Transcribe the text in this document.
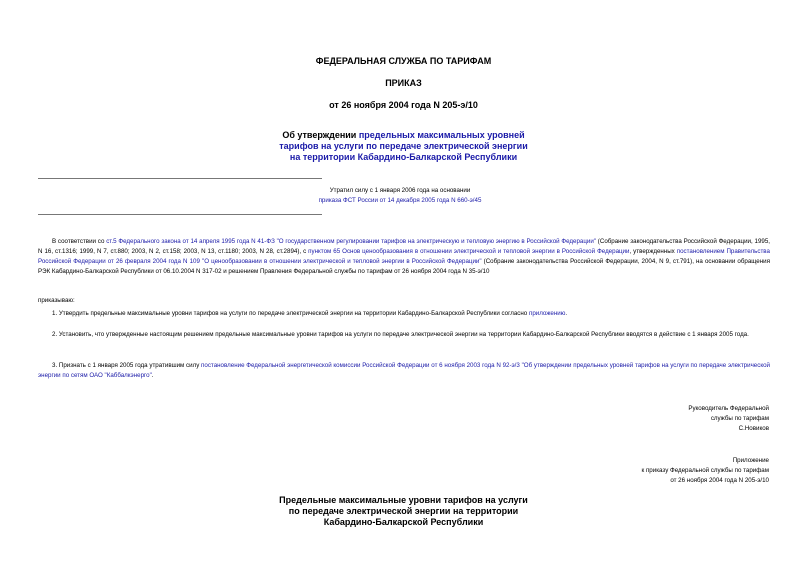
ФЕДЕРАЛЬНАЯ СЛУЖБА ПО ТАРИФАМ
ПРИКАЗ
от 26 ноября 2004 года N 205-э/10
Об утверждении предельных максимальных уровней
тарифов на услуги по передаче электрической энергии
на территории Кабардино-Балкарской Республики
Утратил силу с 1 января 2006 года на основании
приказа ФСТ России от 14 декабря 2005 года N 660-э/45
В соответствии со ст.5 Федерального закона от 14 апреля 1995 года N 41-ФЗ "О государственном регулировании тарифов на электрическую и тепловую энергию в Российской Федерации" (Собрание законодательства Российской Федерации, 1995, N 16, ст.1316; 1999, N 7, ст.880; 2003, N 2, ст.158; 2003, N 13, ст.1180; 2003, N 28, ст.2894), с пунктом 65 Основ ценообразования в отношении электрической и тепловой энергии в Российской Федерации, утвержденных постановлением Правительства Российской Федерации от 26 февраля 2004 года N 109 "О ценообразовании в отношении электрической и тепловой энергии в Российской Федерации" (Собрание законодательства Российской Федерации, 2004, N 9, ст.791), на основании обращения РЭК Кабардино-Балкарской Республики от 06.10.2004 N 317-02 и решением Правления Федеральной службы по тарифам от 26 ноября 2004 года N 35-э/10
приказываю:
1. Утвердить предельные максимальные уровни тарифов на услуги по передаче электрической энергии на территории Кабардино-Балкарской Республики согласно приложению.
2. Установить, что утвержденные настоящим решением предельные максимальные уровни тарифов на услуги по передаче электрической энергии на территории Кабардино-Балкарской Республики вводятся в действие с 1 января 2005 года.
3. Признать с 1 января 2005 года утратившим силу постановление Федеральной энергетической комиссии Российской Федерации от 6 ноября 2003 года N 92-э/3 "Об утверждении предельных уровней тарифов на услуги по передаче электрической энергии по сетям ОАО "Каббалкэнерго".
Руководитель Федеральной
службы по тарифам
С.Новиков
Приложение
к приказу Федеральной службы по тарифам
от 26 ноября 2004 года N 205-э/10
Предельные максимальные уровни тарифов на услуги
по передаче электрической энергии на территории
Кабардино-Балкарской Республики
